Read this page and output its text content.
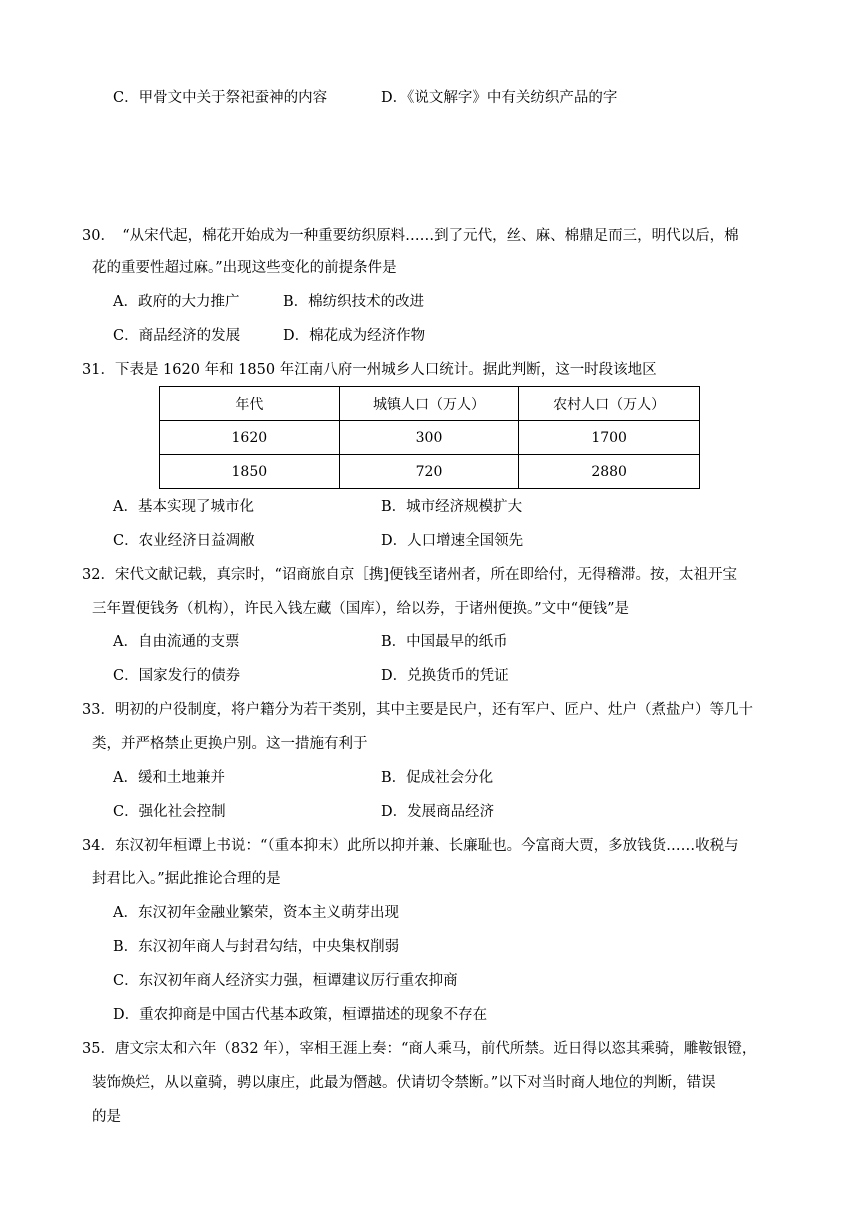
C．甲骨文中关于祭祀蚕神的内容	D．《说文解字》中有关纺织产品的字
30．　“从宋代起，棉花开始成为一种重要纺织原料……到了元代，丝、麻、棉鼎足而三，明代以后，棉
花的重要性超过麻。”出现这些变化的前提条件是
A．政府的大力推广	B．棉纺织技术的改进
C．商品经济的发展	D．棉花成为经济作物
31．下表是 1620 年和 1850 年江南八府一州城乡人口统计。据此判断，这一时段该地区
年代	城镇人口（万人）	农村人口（万人）
1620	300	1700
1850	720	2880
A．基本实现了城市化	B．城市经济规模扩大
C．农业经济日益凋敝	D．人口增速全国领先
32．宋代文献记载，真宗时，“诏商旅自京［携]便钱至诸州者，所在即给付，无得稽滞。按，太祖开宝
三年置便钱务（机构），许民入钱左藏（国库），给以券，于诸州便换。”文中“便钱”是
A．自由流通的支票	B．中国最早的纸币
C．国家发行的债券	D．兑换货币的凭证
33．明初的户役制度，将户籍分为若干类别，其中主要是民户，还有军户、匠户、灶户（煮盐户）等几十
类，并严格禁止更换户别。这一措施有利于
A．缓和土地兼并	B．促成社会分化
C．强化社会控制	D．发展商品经济
34．东汉初年桓谭上书说：“（重本抑末）此所以抑并兼、长廉耻也。今富商大贾，多放钱货……收税与
封君比入。”据此推论合理的是
A．东汉初年金融业繁荣，资本主义萌芽出现
B．东汉初年商人与封君勾结，中央集权削弱
C．东汉初年商人经济实力强，桓谭建议厉行重农抑商
D．重农抑商是中国古代基本政策，桓谭描述的现象不存在
35．唐文宗太和六年（832 年），宰相王涯上奏：“商人乘马，前代所禁。近日得以恣其乘骑，雕鞍银镫，
装饰焕烂，从以童骑，骋以康庄，此最为僭越。伏请切令禁断。”以下对当时商人地位的判断，错误
的是
